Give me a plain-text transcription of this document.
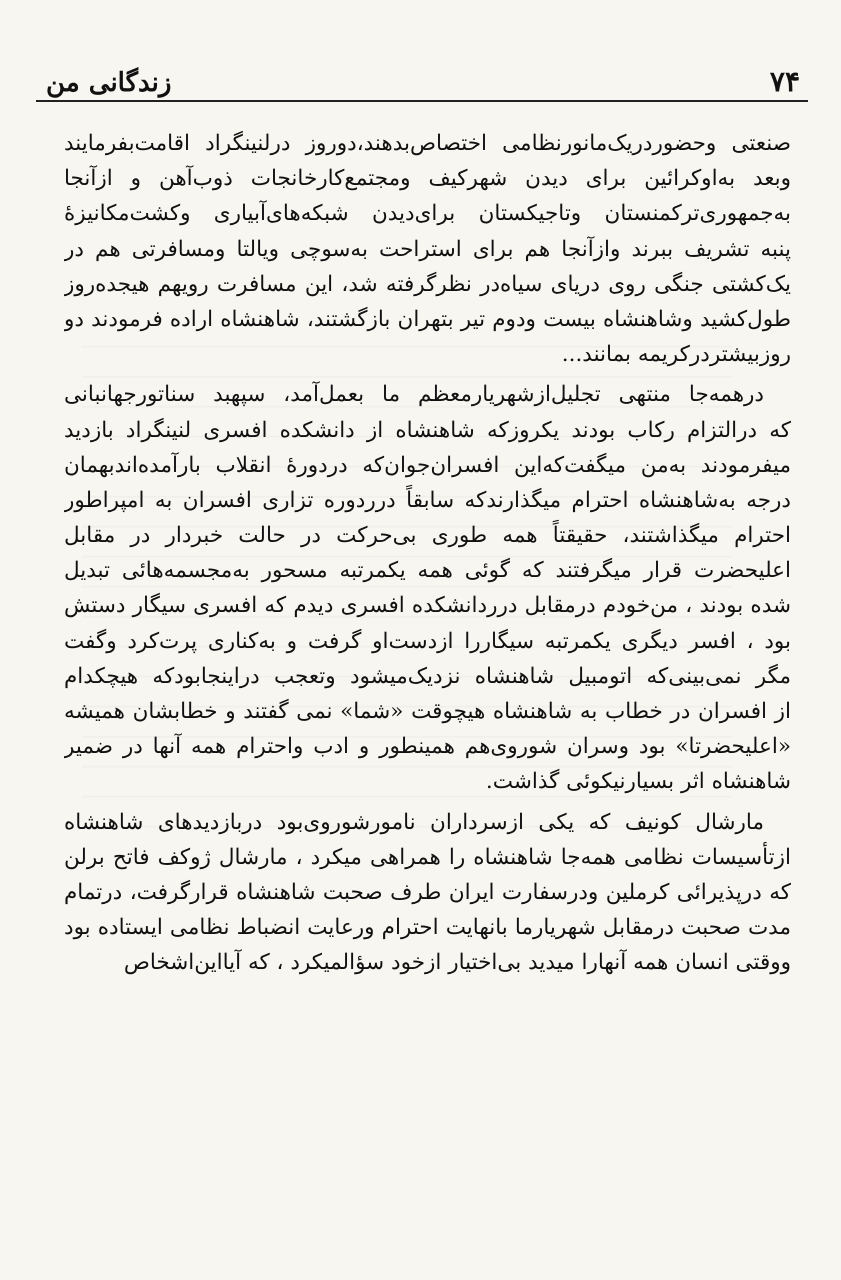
۷۴
زندگانی من
صنعتی وحضوردریک‌مانورنظامی اختصاص‌بدهند،دوروز درلنینگراد اقامت‌بفرمایند
وبعد به‌اوکرائین برای دیدن شهرکیف ومجتمع‌کارخانجات ذوب‌آهن و ازآنجا
به‌جمهوری‌ترکمنستان وتاجیکستان برای‌دیدن شبکه‌های‌آبیاری وکشت‌مکانیزهٔ
پنبه تشریف ببرند وازآنجا هم برای استراحت به‌سوچی ویالتا ومسافرتی هم در
یک‌کشتی جنگی روی دریای سیاه‌در نظرگرفته شد، این مسافرت رویهم هیجده‌روز
طول‌کشید وشاهنشاه بیست ودوم تیر بتهران بازگشتند، شاهنشاه اراده فرمودند دو
روزبیشتردرکریمه بمانند...
درهمه‌جا منتهی تجلیل‌ازشهریارمعظم ما بعمل‌آمد، سپهبد سناتورجهانبانی
که درالتزام رکاب بودند یکروزکه شاهنشاه از دانشکده افسری لنینگراد بازدید
میفرمودند به‌من میگفت‌که‌این افسران‌جوان‌که دردورهٔ انقلاب بارآمده‌اندبهمان
درجه به‌شاهنشاه احترام میگذارندکه سابقاً درردوره تزاری افسران به امپراطور
احترام میگذاشتند، حقیقتاً همه طوری بی‌حرکت در حالت خبردار در مقابل
اعلیحضرت قرار میگرفتند که گوئی همه یکمرتبه مسحور به‌مجسمه‌هائی تبدیل
شده بودند ، من‌خودم درمقابل درردانشکده افسری دیدم که افسری سیگار دستش
بود ، افسر دیگری یکمرتبه سیگاررا ازدست‌او گرفت و به‌کناری پرت‌کرد وگفت
مگر نمی‌بینی‌که اتومبیل شاهنشاه نزدیک‌میشود وتعجب دراینجابودکه هیچکدام
از افسران در خطاب به شاهنشاه هیچوقت «شما» نمی گفتند و خطابشان همیشه
«اعلیحضرتا» بود وسران شوروی‌هم همینطور و ادب واحترام همه آنها در ضمیر
شاهنشاه اثر بسیارنیکوئی گذاشت.
مارشال کونیف که یکی ازسرداران نامورشوروی‌بود دربازدیدهای شاهنشاه
ازتأسیسات نظامی همه‌جا شاهنشاه را همراهی میکرد ، مارشال ژوکف فاتح برلن
که درپذیرائی کرملین ودرسفارت ایران طرف صحبت شاهنشاه قرارگرفت، درتمام
مدت صحبت درمقابل شهریارما بانهایت احترام ورعایت انضباط نظامی ایستاده بود
ووقتی انسان همه آنهارا میدید بی‌اختیار ازخود سؤالمیکرد ، که آیااین‌اشخاص
